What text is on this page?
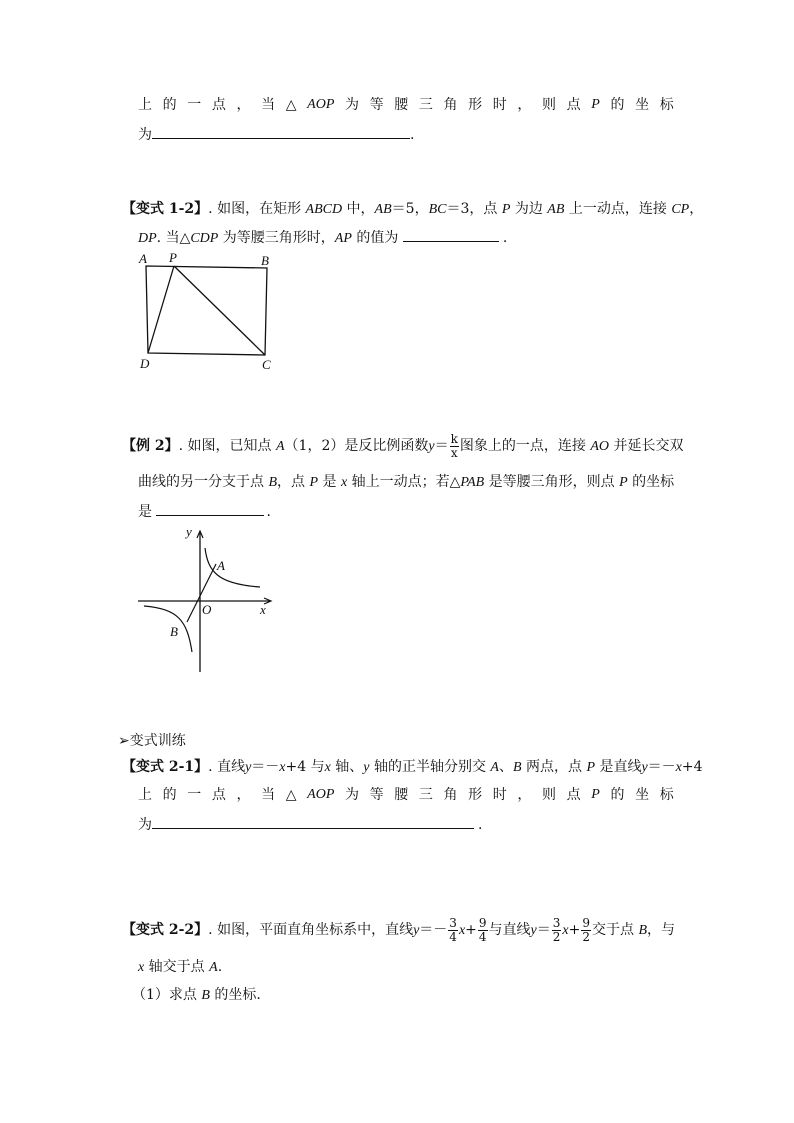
上 的 一 点 ， 当 △ AOP 为 等 腰 三 角 形 时 ， 则 点 P 的 坐 标
为	.
【变式 1-2】. 如图，在矩形 ABCD 中，AB＝5，BC＝3，点 P 为边 AB 上一动点，连接 CP，
DP. 当△CDP 为等腰三角形时，AP 的值为	.
A P	B
D	C
【例 2】. 如图，已知点 A（1，2）是反比例函数$y= \frac{k}{x}$ 图象上的一点，连接 AO 并延长交双
曲线的另一分支于点 B，点 P 是 x 轴上一动点；若△PAB 是等腰三角形，则点 P 的坐标
是	.
y
A
O	x
B
➢变式训练
【变式 2-1】. 直线y＝－x+4 与x 轴、y 轴的正半轴分别交 A、B 两点，点 P 是直线y＝－x+4
上 的 一 点 ， 当 △ AOP 为 等 腰 三 角 形 时 ， 则 点 P 的 坐 标
为	.
【变式 2-2】. 如图，平面直角坐标系中，直线$y=- \frac{3}{4} x+ \frac{9}{4}$ 与直线$y= \frac{3}{2} x+ \frac{9}{2}$ 交于点 B，与
x 轴交于点 A.
（1）求点 B 的坐标.
